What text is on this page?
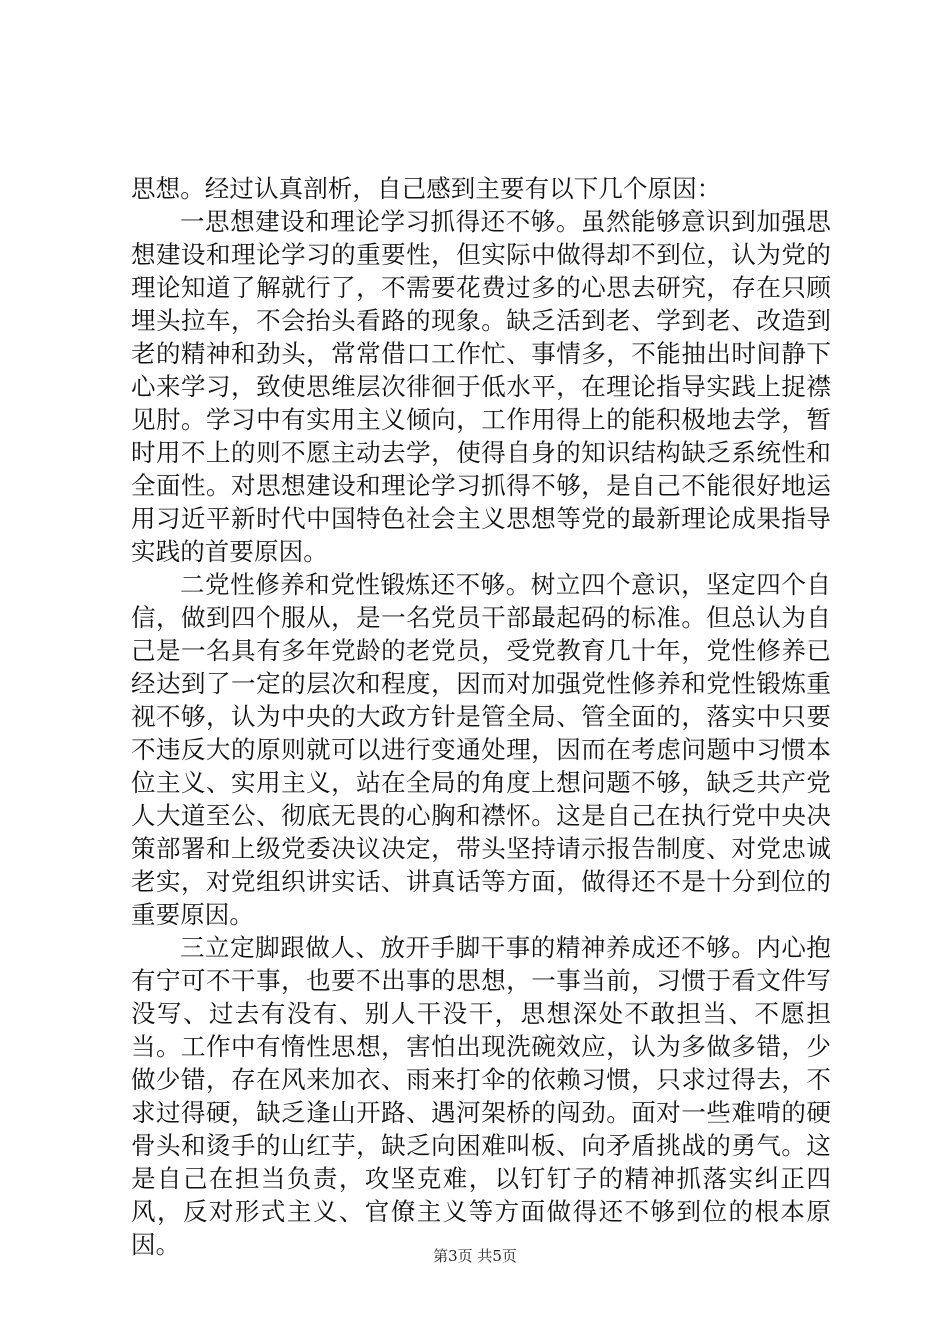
思想。经过认真剖析，自己感到主要有以下几个原因：

一思想建设和理论学习抓得还不够。虽然能够意识到加强思想建设和理论学习的重要性，但实际中做得却不到位，认为党的理论知道了解就行了，不需要花费过多的心思去研究，存在只顾埋头拉车，不会抬头看路的现象。缺乏活到老、学到老、改造到老的精神和劲头，常常借口工作忙、事情多，不能抽出时间静下心来学习，致使思维层次徘徊于低水平，在理论指导实践上捉襟见肘。学习中有实用主义倾向，工作用得上的能积极地去学，暂时用不上的则不愿主动去学，使得自身的知识结构缺乏系统性和全面性。对思想建设和理论学习抓得不够，是自己不能很好地运用习近平新时代中国特色社会主义思想等党的最新理论成果指导实践的首要原因。

二党性修养和党性锻炼还不够。树立四个意识，坚定四个自信，做到四个服从，是一名党员干部最起码的标准。但总认为自己是一名具有多年党龄的老党员，受党教育几十年，党性修养已经达到了一定的层次和程度，因而对加强党性修养和党性锻炼重视不够，认为中央的大政方针是管全局、管全面的，落实中只要不违反大的原则就可以进行变通处理，因而在考虑问题中习惯本位主义、实用主义，站在全局的角度上想问题不够，缺乏共产党人大道至公、彻底无畏的心胸和襟怀。这是自己在执行党中央决策部署和上级党委决议决定，带头坚持请示报告制度、对党忠诚老实，对党组织讲实话、讲真话等方面，做得还不是十分到位的重要原因。

三立定脚跟做人、放开手脚干事的精神养成还不够。内心抱有宁可不干事，也要不出事的思想，一事当前，习惯于看文件写没写、过去有没有、别人干没干，思想深处不敢担当、不愿担当。工作中有惰性思想，害怕出现洗碗效应，认为多做多错，少做少错，存在风来加衣、雨来打伞的依赖习惯，只求过得去，不求过得硬，缺乏逢山开路、遇河架桥的闯劲。面对一些难啃的硬骨头和烫手的山红芋，缺乏向困难叫板、向矛盾挑战的勇气。这是自己在担当负责，攻坚克难，以钉钉子的精神抓落实纠正四风，反对形式主义、官僚主义等方面做得还不够到位的根本原因。	第3页 共5页
